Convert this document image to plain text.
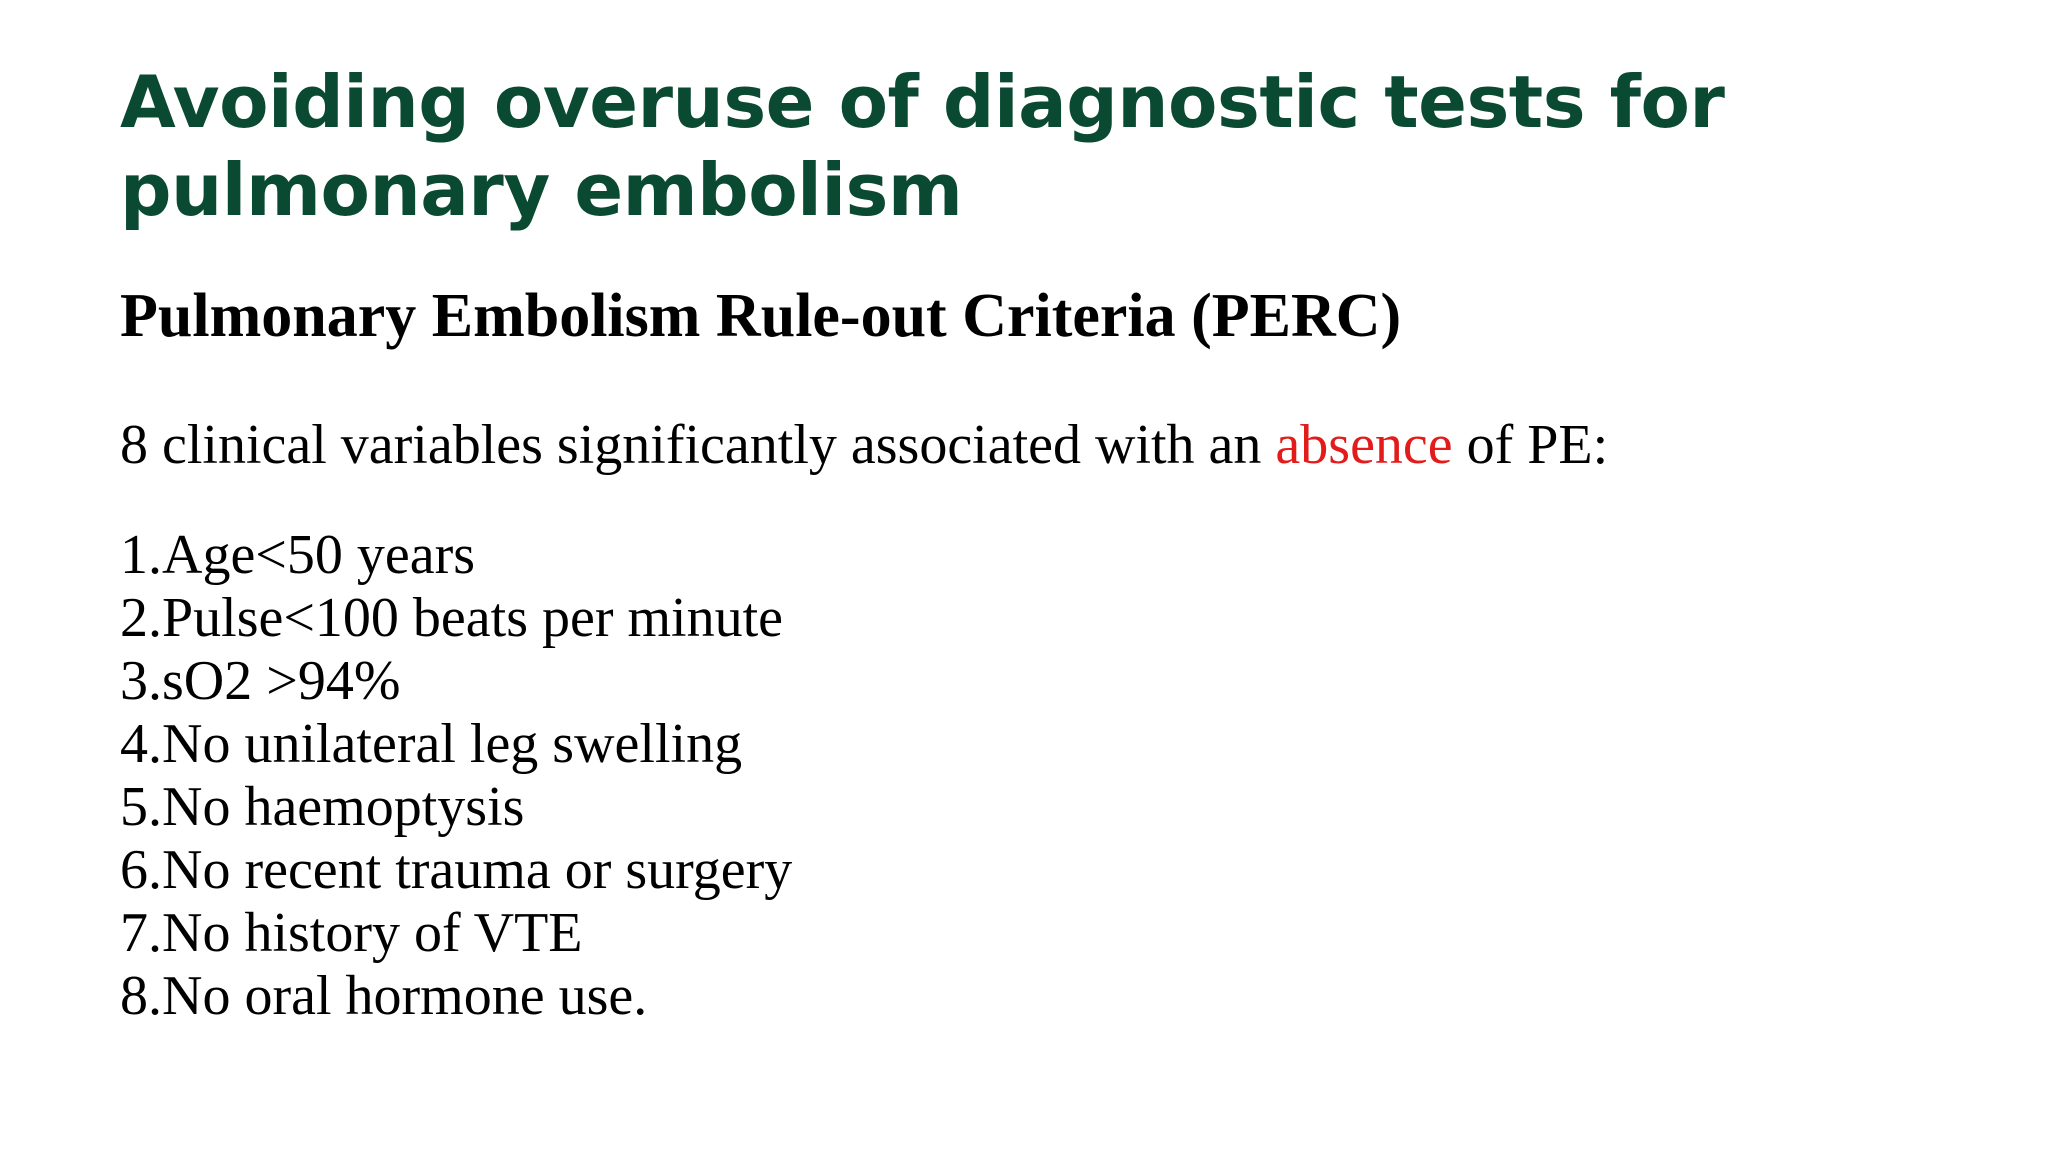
Avoiding overuse of diagnostic tests for
pulmonary embolism
Pulmonary Embolism Rule-out Criteria (PERC)

8 clinical variables significantly associated with an absence of PE:

1.Age<50 years
2.Pulse<100 beats per minute
3.sO2 >94%
4.No unilateral leg swelling
5.No haemoptysis
6.No recent trauma or surgery
7.No history of VTE
8.No oral hormone use.
